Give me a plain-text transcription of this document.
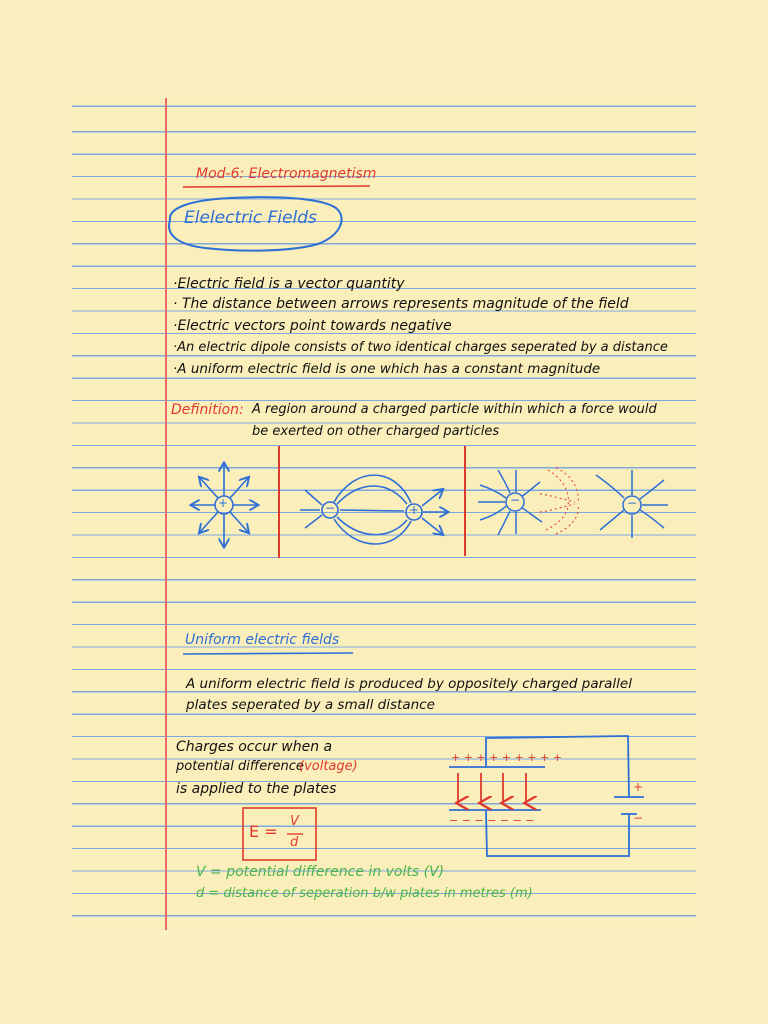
Mod-6: Electromagnetism

Elelectric Fields

·Electric field is a vector quantity

· The distance between arrows represents magnitude of the field

·Electric vectors point towards negative

·An electric dipole consists of two identical charges seperated by a distance

·A uniform electric field is one which has a constant magnitude

Definition: A region around a charged particle within which a force would

be exerted on other charged particles

+	−	+

−	−

Uniform electric fields

A uniform electric field is produced by oppositely charged parallel

plates seperated by a small distance

Charges occur when a

potential difference

(voltage)

is applied to the plates

+ + + + + + + + +

− − − − − − −

+

−

E =

V

d

V = potential difference in volts (V)

d = distance of seperation b/w plates in metres (m)
